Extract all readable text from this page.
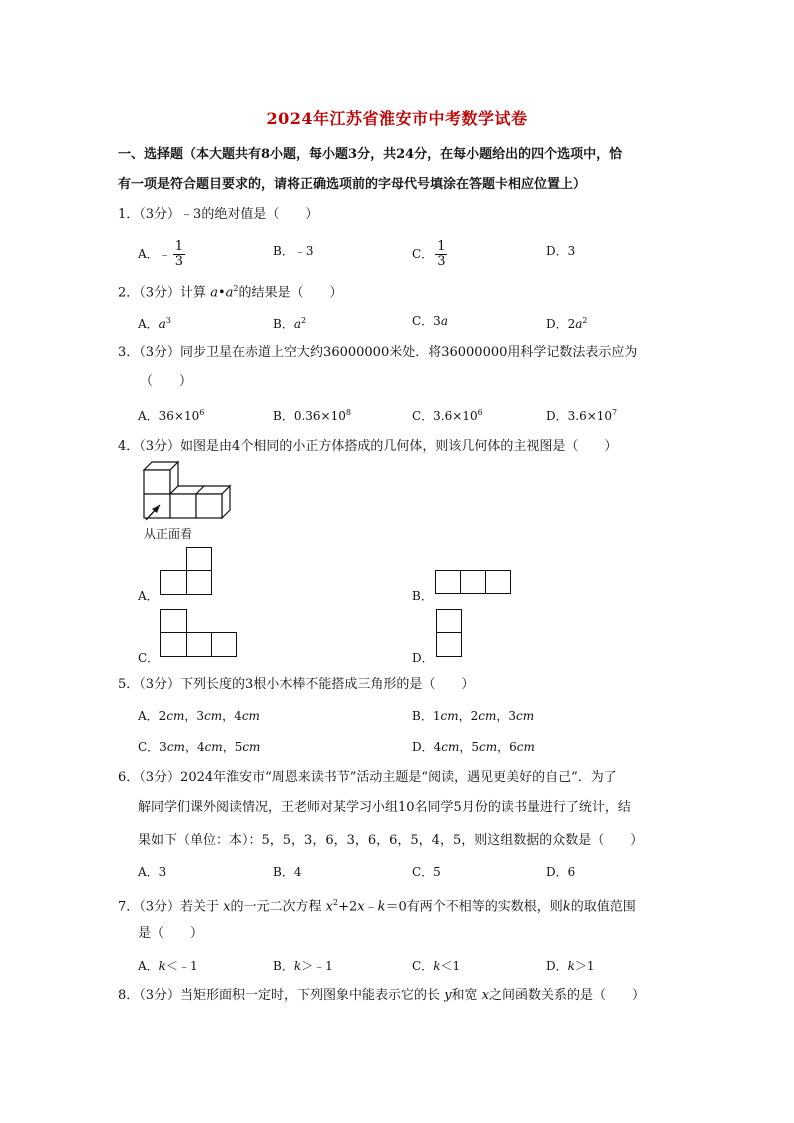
2024年江苏省淮安市中考数学试卷
一、选择题（本大题共有8小题，每小题3分，共24分，在每小题给出的四个选项中，恰
有一项是符合题目要求的，请将正确选项前的字母代号填涂在答题卡相应位置上）
1．（3分）﹣3的绝对值是（　　）
A．﹣ $\frac{1}{3}$	B．﹣3	C． $\frac{1}{3}$	D．3
2．（3分）计算 $a•a^2$的结果是（　　）
A．$a^3$	B．$a^2$	C．3a	D．$2a^2$
3．（3分）同步卫星在赤道上空大约36000000米处．将36000000用科学记数法表示应为
（　　）
A．$36\times 10^6$	B．$0.36\times 10^8$	C．$3.6\times 10^6$	D．$3.6\times 10^7$
4．（3分）如图是由4个相同的小正方体搭成的几何体，则该几何体的主视图是（　　）
从正面看
A．	B．
C．	D．
5．（3分）下列长度的3根小木棒不能搭成三角形的是（　　）
A．2cm，3cm，4cm	B．1cm，2cm，3cm
C．3cm，4cm，5cm	D．4cm，5cm，6cm
6．（3分）2024年淮安市“周恩来读书节”活动主题是“阅读，遇见更美好的自己”．为了
解同学们课外阅读情况，王老师对某学习小组10名同学5月份的读书量进行了统计，结
果如下（单位：本）：5，5，3，6，3，6，6，5，4，5，则这组数据的众数是（　　）
A．3	B．4	C．5	D．6
7．（3分）若关于 x的一元二次方程 $x^2+2x﹣k=0$有两个不相等的实数根，则k的取值范围
是（　　）
A．k＜﹣1	B．k＞﹣1	C．k＜1	D．k＞1
8．（3分）当矩形面积一定时，下列图象中能表示它的长 y和宽 x之间函数关系的是（　　）
